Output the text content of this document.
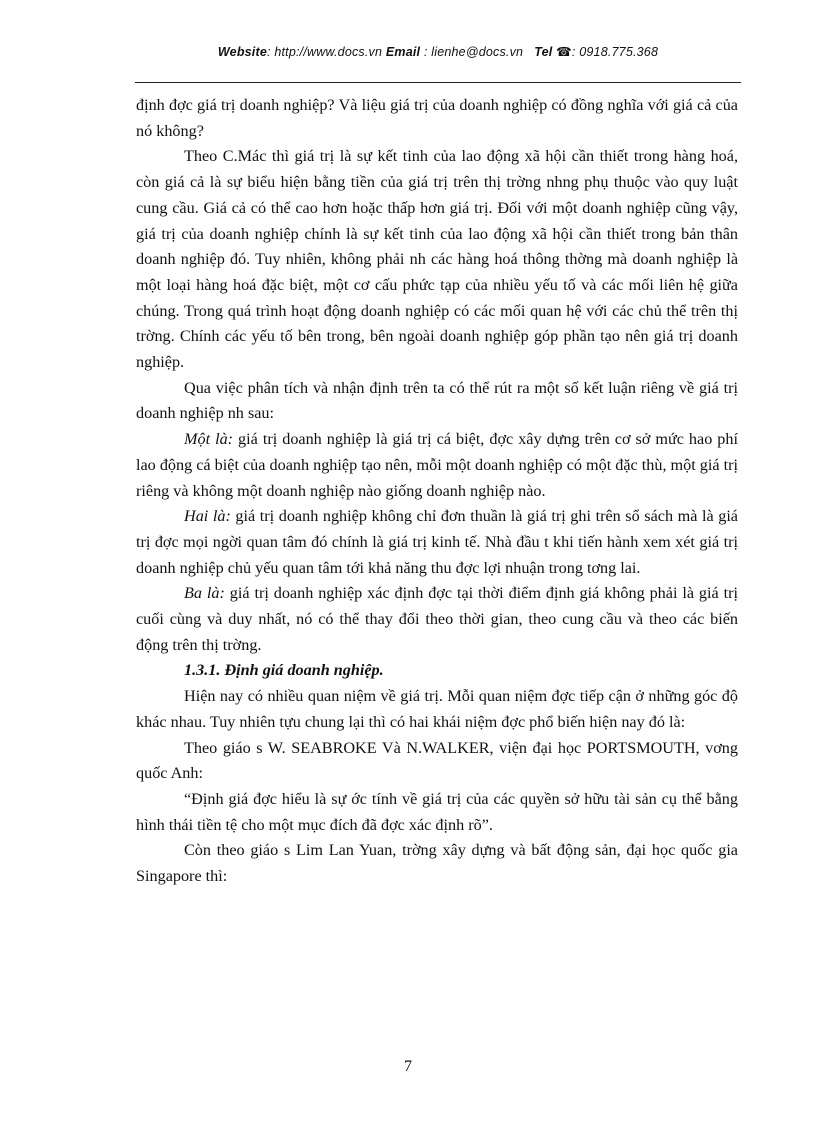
Website: http://www.docs.vn Email : lienhe@docs.vn Tel ☎: 0918.775.368

định đợc giá trị doanh nghiệp? Và liệu giá trị của doanh nghiệp có đồng nghĩa với giá cả của nó không?

Theo C.Mác thì giá trị là sự kết tinh của lao động xã hội cần thiết trong hàng hoá, còn giá cả là sự biểu hiện bằng tiền của giá trị trên thị trờng nhng phụ thuộc vào quy luật cung cầu. Giá cả có thể cao hơn hoặc thấp hơn giá trị. Đối với một doanh nghiệp cũng vậy, giá trị của doanh nghiệp chính là sự kết tinh của lao động xã hội cần thiết trong bản thân doanh nghiệp đó. Tuy nhiên, không phải nh các hàng hoá thông thờng mà doanh nghiệp là một loại hàng hoá đặc biệt, một cơ cấu phức tạp của nhiều yếu tố và các mối liên hệ giữa chúng. Trong quá trình hoạt động doanh nghiệp có các mối quan hệ với các chủ thể trên thị trờng. Chính các yếu tố bên trong, bên ngoài doanh nghiệp góp phần tạo nên giá trị doanh nghiệp.

Qua việc phân tích và nhận định trên ta có thể rút ra một số kết luận riêng về giá trị doanh nghiệp nh sau:

Một là: giá trị doanh nghiệp là giá trị cá biệt, đợc xây dựng trên cơ sở mức hao phí lao động cá biệt của doanh nghiệp tạo nên, mỗi một doanh nghiệp có một đặc thù, một giá trị riêng và không một doanh nghiệp nào giống doanh nghiệp nào.

Hai là: giá trị doanh nghiệp không chỉ đơn thuần là giá trị ghi trên sổ sách mà là giá trị đợc mọi ngời quan tâm đó chính là giá trị kinh tế. Nhà đầu t khi tiến hành xem xét giá trị doanh nghiệp chủ yếu quan tâm tới khả năng thu đợc lợi nhuận trong tơng lai.

Ba là: giá trị doanh nghiệp xác định đợc tại thời điểm định giá không phải là giá trị cuối cùng và duy nhất, nó có thể thay đổi theo thời gian, theo cung cầu và theo các biến động trên thị trờng.

1.3.1. Định giá doanh nghiệp.

Hiện nay có nhiều quan niệm về giá trị. Mỗi quan niệm đợc tiếp cận ở những góc độ khác nhau. Tuy nhiên tựu chung lại thì có hai khái niệm đợc phổ biến hiện nay đó là:

Theo giáo s W. SEABROKE Và N.WALKER, viện đại học PORTSMOUTH, vơng quốc Anh:

“Định giá đợc hiểu là sự ớc tính về giá trị của các quyền sở hữu tài sản cụ thể bằng hình thái tiền tệ cho một mục đích đã đợc xác định rõ”.

Còn theo giáo s Lim Lan Yuan, trờng xây dựng và bất động sản, đại học quốc gia Singapore thì:

7
